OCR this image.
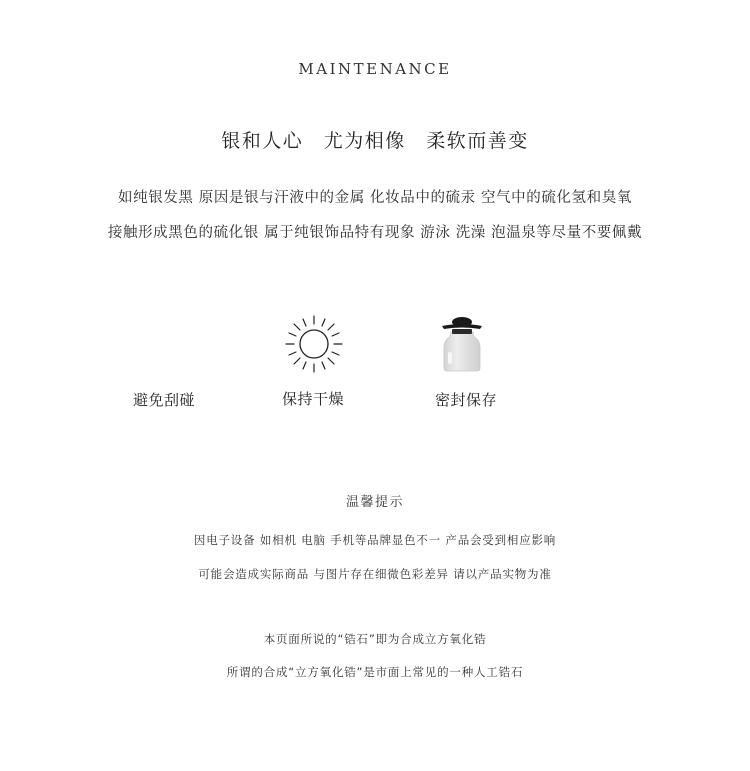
MAINTENANCE
银和人心　尤为相像　柔软而善变
如纯银发黑 原因是银与汗液中的金属 化妆品中的硫汞 空气中的硫化氢和臭氧
接触形成黑色的硫化银 属于纯银饰品特有现象 游泳 洗澡 泡温泉等尽量不要佩戴
避免刮碰	保持干燥	密封保存
温馨提示
因电子设备 如相机 电脑 手机等品牌显色不一 产品会受到相应影响
可能会造成实际商品 与图片存在细微色彩差异 请以产品实物为准
本页面所说的“锆石”即为合成立方氧化锆
所谓的合成“立方氧化锆”是市面上常见的一种人工锆石
